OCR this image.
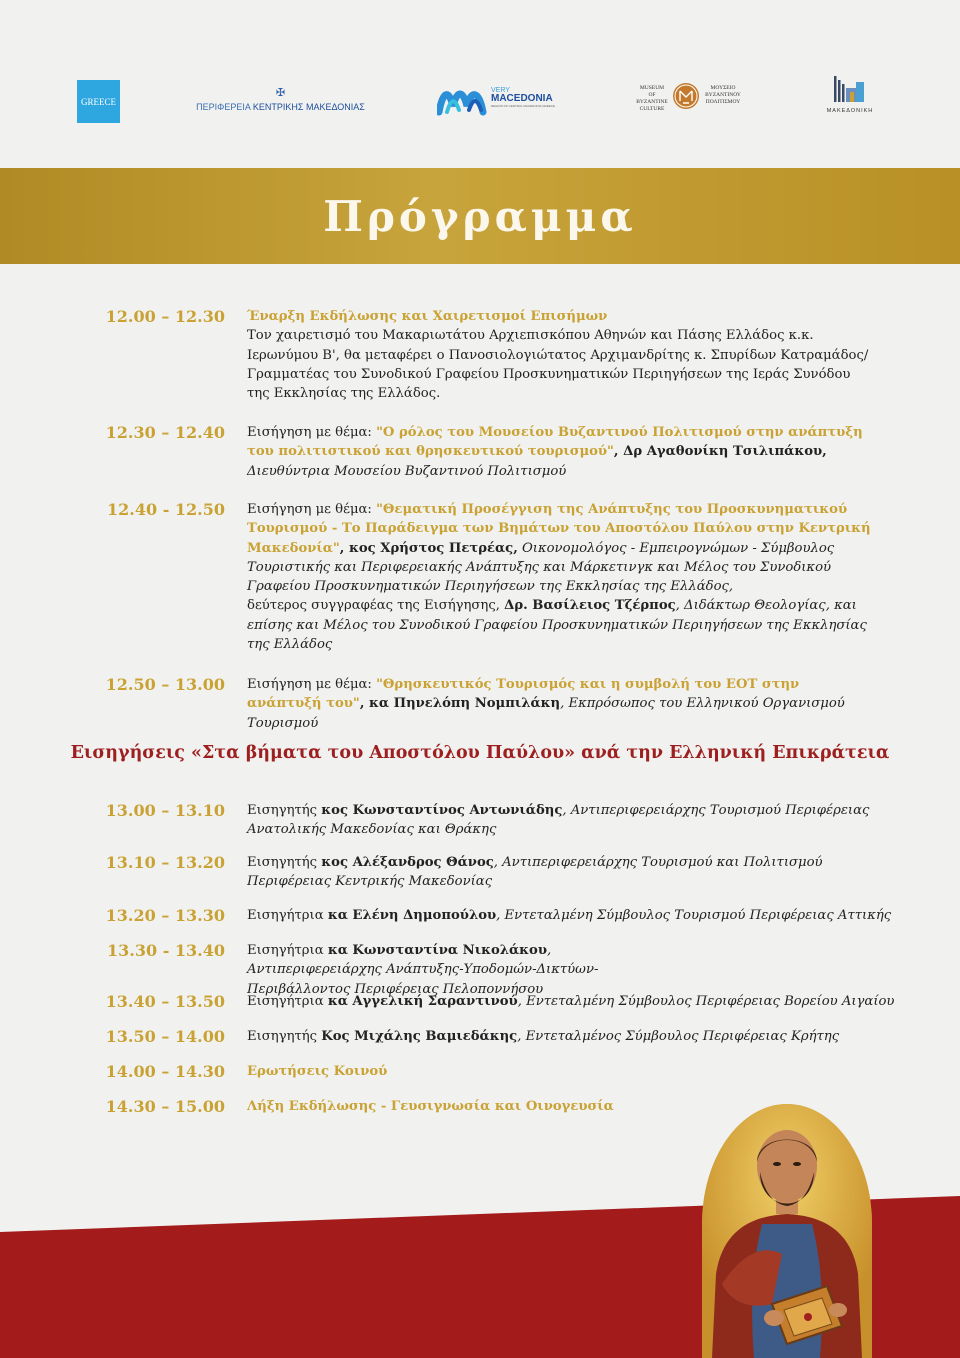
GREECE
✠
ΠΕΡΙΦΕΡΕΙΑ ΚΕΝΤΡΙΚΗΣ ΜΑΚΕΔΟΝΙΑΣ
VERY
MACEDONIA
REGION OF CENTRAL MACEDONIA GREECE
MUSEUM
OF BYZANTINE
CULTURE
ΜΟΥΣΕΙΟ
ΒΥΖΑΝΤΙΝΟΥ
ΠΟΛΙΤΙΣΜΟΥ
ΜΑΚΕΔΟΝΙΚΗ
Πρόγραμμα
12.00 – 12.30 Έναρξη Εκδήλωσης και Χαιρετισμοί Επισήμων
Τον χαιρετισμό του Μακαριωτάτου Αρχιεπισκόπου Αθηνών και Πάσης Ελλάδος κ.κ. Ιερωνύμου Β', θα μεταφέρει ο Πανοσιολογιώτατος Αρχιμανδρίτης κ. Σπυρίδων Κατραμάδος/Γραμματέας του Συνοδικού Γραφείου Προσκυνηματικών Περιηγήσεων της Ιεράς Συνόδου της Εκκλησίας της Ελλάδος.
12.30 – 12.40 Εισήγηση με θέμα: "Ο ρόλος του Μουσείου Βυζαντινού Πολιτισμού στην ανάπτυξη του πολιτιστικού και θρησκευτικού τουρισμού", Δρ Αγαθονίκη Τσιλιπάκου, Διευθύντρια Μουσείου Βυζαντινού Πολιτισμού
12.40 - 12.50 Εισήγηση με θέμα: "Θεματική Προσέγγιση της Ανάπτυξης του Προσκυνηματικού Τουρισμού - Το Παράδειγμα των Βημάτων του Αποστόλου Παύλου στην Κεντρική Μακεδονία", κος Χρήστος Πετρέας, Οικονομολόγος - Εμπειρογνώμων - Σύμβουλος Τουριστικής και Περιφερειακής Ανάπτυξης και Μάρκετινγκ και Μέλος του Συνοδικού Γραφείου Προσκυνηματικών Περιηγήσεων της Εκκλησίας της Ελλάδος,
δεύτερος συγγραφέας της Εισήγησης, Δρ. Βασίλειος Τζέρπος, Διδάκτωρ Θεολογίας, και επίσης και Μέλος του Συνοδικού Γραφείου Προσκυνηματικών Περιηγήσεων της Εκκλησίας της Ελλάδος
12.50 – 13.00 Εισήγηση με θέμα: "Θρησκευτικός Τουρισμός και η συμβολή του ΕΟΤ στην ανάπτυξή του", κα Πηνελόπη Νομπιλάκη, Εκπρόσωπος του Ελληνικού Οργανισμού Τουρισμού
Εισηγήσεις «Στα βήματα του Αποστόλου Παύλου» ανά την Ελληνική Επικράτεια
13.00 – 13.10 Εισηγητής κος Κωνσταντίνος Αντωνιάδης, Αντιπεριφερειάρχης Τουρισμού Περιφέρειας Ανατολικής Μακεδονίας και Θράκης
13.10 – 13.20 Εισηγητής κος Αλέξανδρος Θάνος, Αντιπεριφερειάρχης Τουρισμού και Πολιτισμού Περιφέρειας Κεντρικής Μακεδονίας
13.20 – 13.30 Εισηγήτρια κα Ελένη Δημοπούλου, Εντεταλμένη Σύμβουλος Τουρισμού Περιφέρειας Αττικής
13.30 - 13.40 Εισηγήτρια κα Κωνσταντίνα Νικολάκου, Αντιπεριφερειάρχης Ανάπτυξης-Υποδομών-Δικτύων-Περιβάλλοντος Περιφέρειας Πελοποννήσου
13.40 – 13.50 Εισηγήτρια κα Αγγελική Σαραντινού, Εντεταλμένη Σύμβουλος Περιφέρειας Βορείου Αιγαίου
13.50 – 14.00 Εισηγητής Κος Μιχάλης Βαμιεδάκης, Εντεταλμένος Σύμβουλος Περιφέρειας Κρήτης
14.00 – 14.30 Ερωτήσεις Κοινού
14.30 – 15.00 Λήξη Εκδήλωσης - Γευσιγνωσία και Οινογευσία
